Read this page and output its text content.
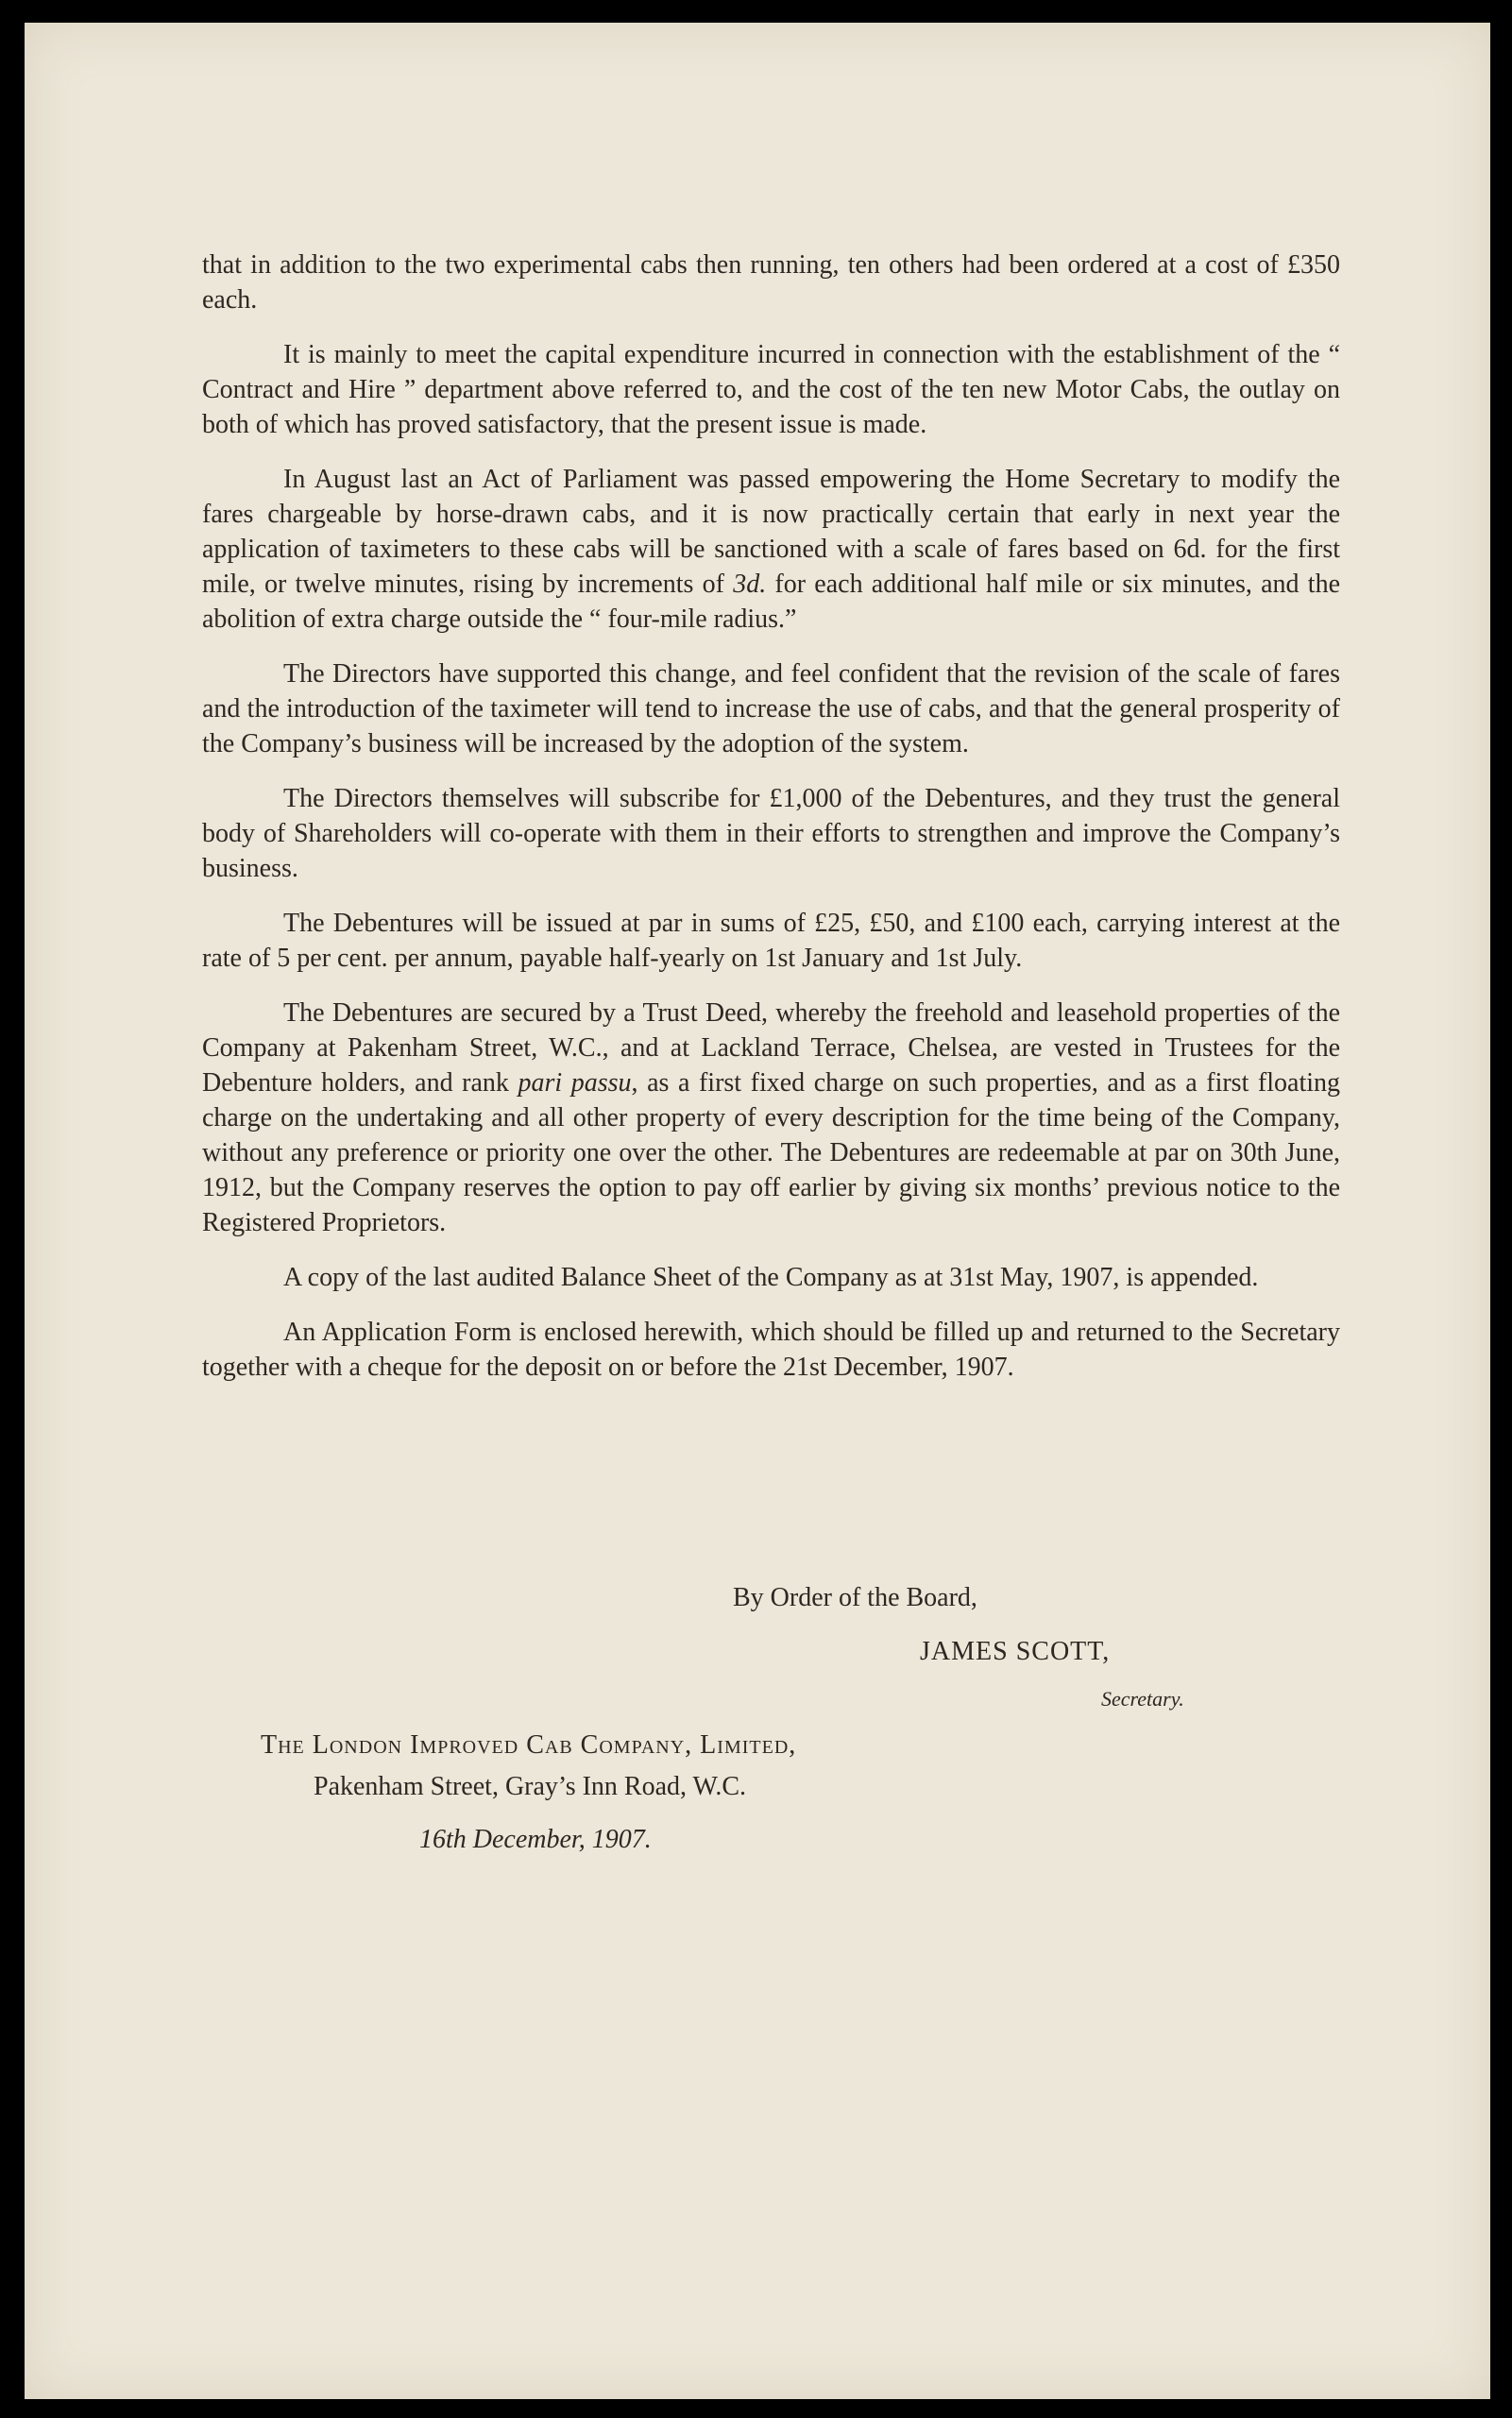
that in addition to the two experimental cabs then running, ten others had been ordered at a cost of £350 each.

It is mainly to meet the capital expenditure incurred in connection with the establishment of the “ Contract and Hire ” department above referred to, and the cost of the ten new Motor Cabs, the outlay on both of which has proved satisfactory, that the present issue is made.

In August last an Act of Parliament was passed empowering the Home Secretary to modify the fares chargeable by horse-drawn cabs, and it is now practically certain that early in next year the application of taximeters to these cabs will be sanctioned with a scale of fares based on 6d. for the first mile, or twelve minutes, rising by increments of 3d. for each additional half mile or six minutes, and the abolition of extra charge outside the “ four-mile radius.”

The Directors have supported this change, and feel confident that the revision of the scale of fares and the introduction of the taximeter will tend to increase the use of cabs, and that the general prosperity of the Company’s business will be increased by the adoption of the system.

The Directors themselves will subscribe for £1,000 of the Debentures, and they trust the general body of Shareholders will co-operate with them in their efforts to strengthen and improve the Company’s business.

The Debentures will be issued at par in sums of £25, £50, and £100 each, carrying interest at the rate of 5 per cent. per annum, payable half-yearly on 1st January and 1st July.

The Debentures are secured by a Trust Deed, whereby the freehold and leasehold properties of the Company at Pakenham Street, W.C., and at Lackland Terrace, Chelsea, are vested in Trustees for the Debenture holders, and rank pari passu, as a first fixed charge on such properties, and as a first floating charge on the undertaking and all other property of every description for the time being of the Company, without any preference or priority one over the other. The Debentures are redeemable at par on 30th June, 1912, but the Company reserves the option to pay off earlier by giving six months’ previous notice to the Registered Proprietors.

A copy of the last audited Balance Sheet of the Company as at 31st May, 1907, is appended.

An Application Form is enclosed herewith, which should be filled up and returned to the Secretary together with a cheque for the deposit on or before the 21st December, 1907.

By Order of the Board,
JAMES SCOTT,
Secretary.
The London Improved Cab Company, Limited,
Pakenham Street, Gray’s Inn Road, W.C.
16th December, 1907.
